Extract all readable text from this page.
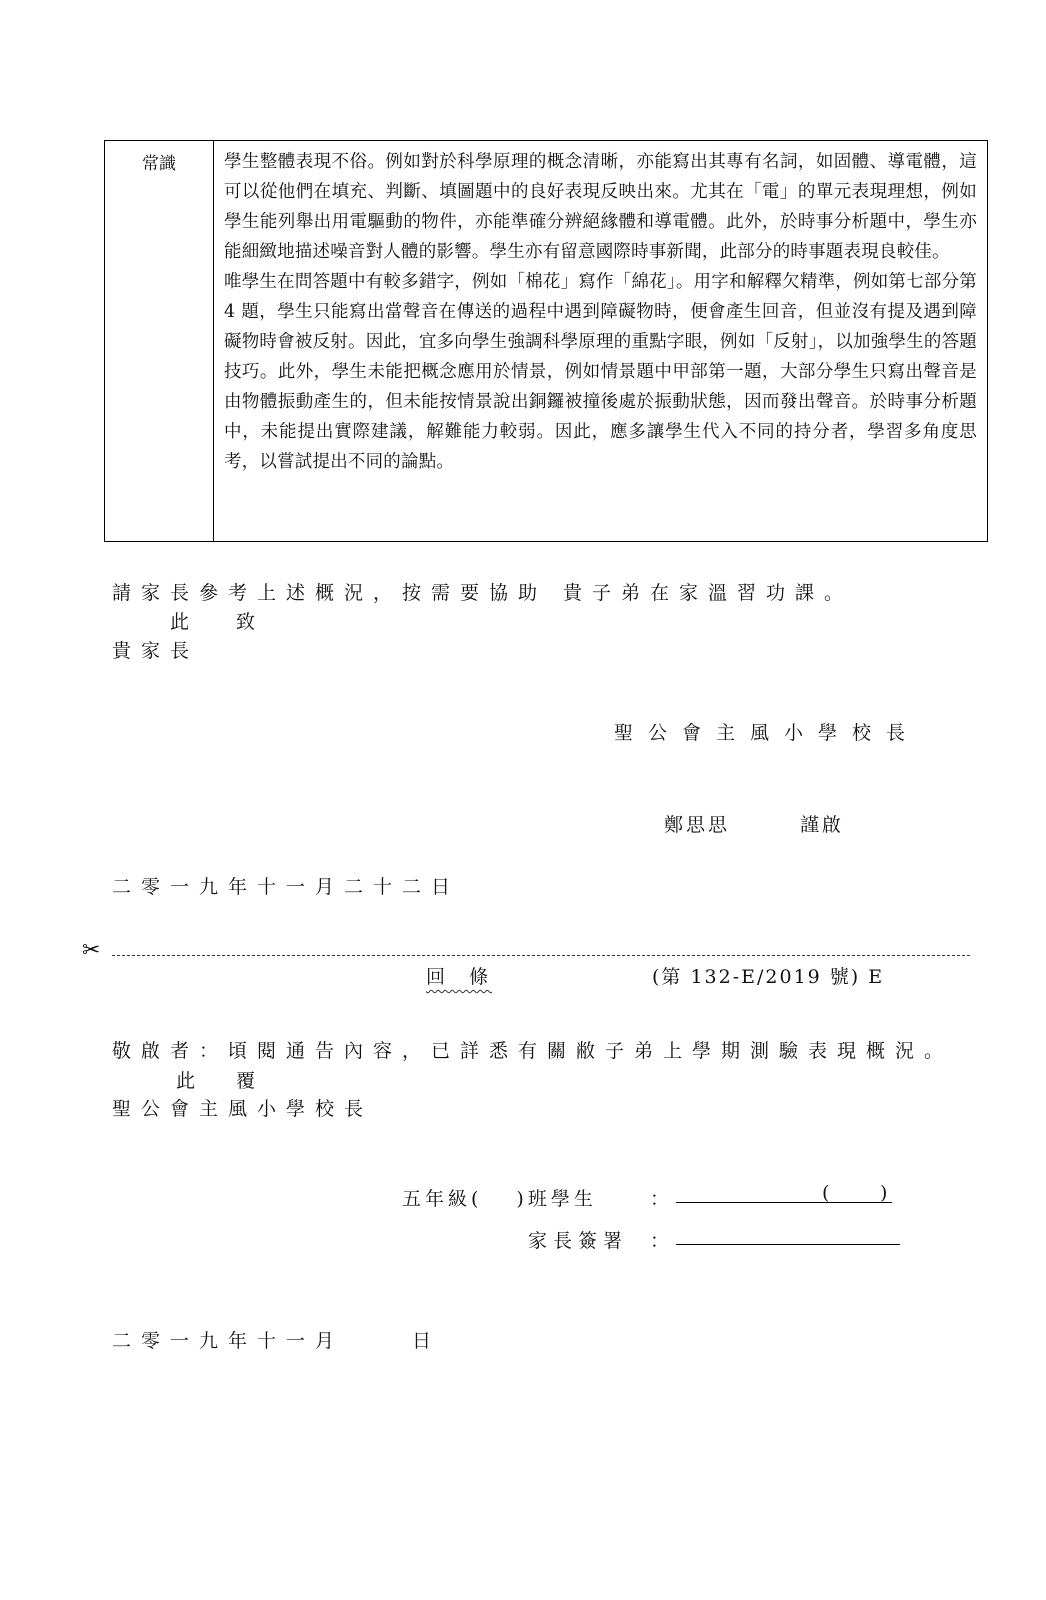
常識	學生整體表現不俗。例如對於科學原理的概念清晰，亦能寫出其專有名詞，如固體、導電體，這可以從他們在填充、判斷、填圖題中的良好表現反映出來。尤其在「電」的單元表現理想，例如學生能列舉出用電驅動的物件，亦能準確分辨絕緣體和導電體。此外，於時事分析題中，學生亦能細緻地描述噪音對人體的影響。學生亦有留意國際時事新聞，此部分的時事題表現良較佳。

唯學生在問答題中有較多錯字，例如「棉花」寫作「綿花」。用字和解釋欠精準，例如第七部分第 4 題，學生只能寫出當聲音在傳送的過程中遇到障礙物時，便會產生回音，但並沒有提及遇到障礙物時會被反射。因此，宜多向學生強調科學原理的重點字眼，例如「反射」，以加強學生的答題技巧。此外，學生未能把概念應用於情景，例如情景題中甲部第一題，大部分學生只寫出聲音是由物體振動產生的，但未能按情景說出銅鑼被撞後處於振動狀態，因而發出聲音。於時事分析題中，未能提出實際建議，解難能力較弱。因此，應多讓學生代入不同的持分者，學習多角度思考，以嘗試提出不同的論點。

請家長參考上述概況，按需要協助 貴子弟在家溫習功課。
此 致
貴家長
聖公會主風小學校長
鄭思思	謹啟
二零一九年十一月二十二日
✂
回  條	(第 132-E/2019 號) E
敬啟者：頃閱通告內容，已詳悉有關敝子弟上學期測驗表現概況。
此 覆
聖公會主風小學校長
五年級( )班學生	：	(	)
家長簽署 ：
二零一九年十一月	日
